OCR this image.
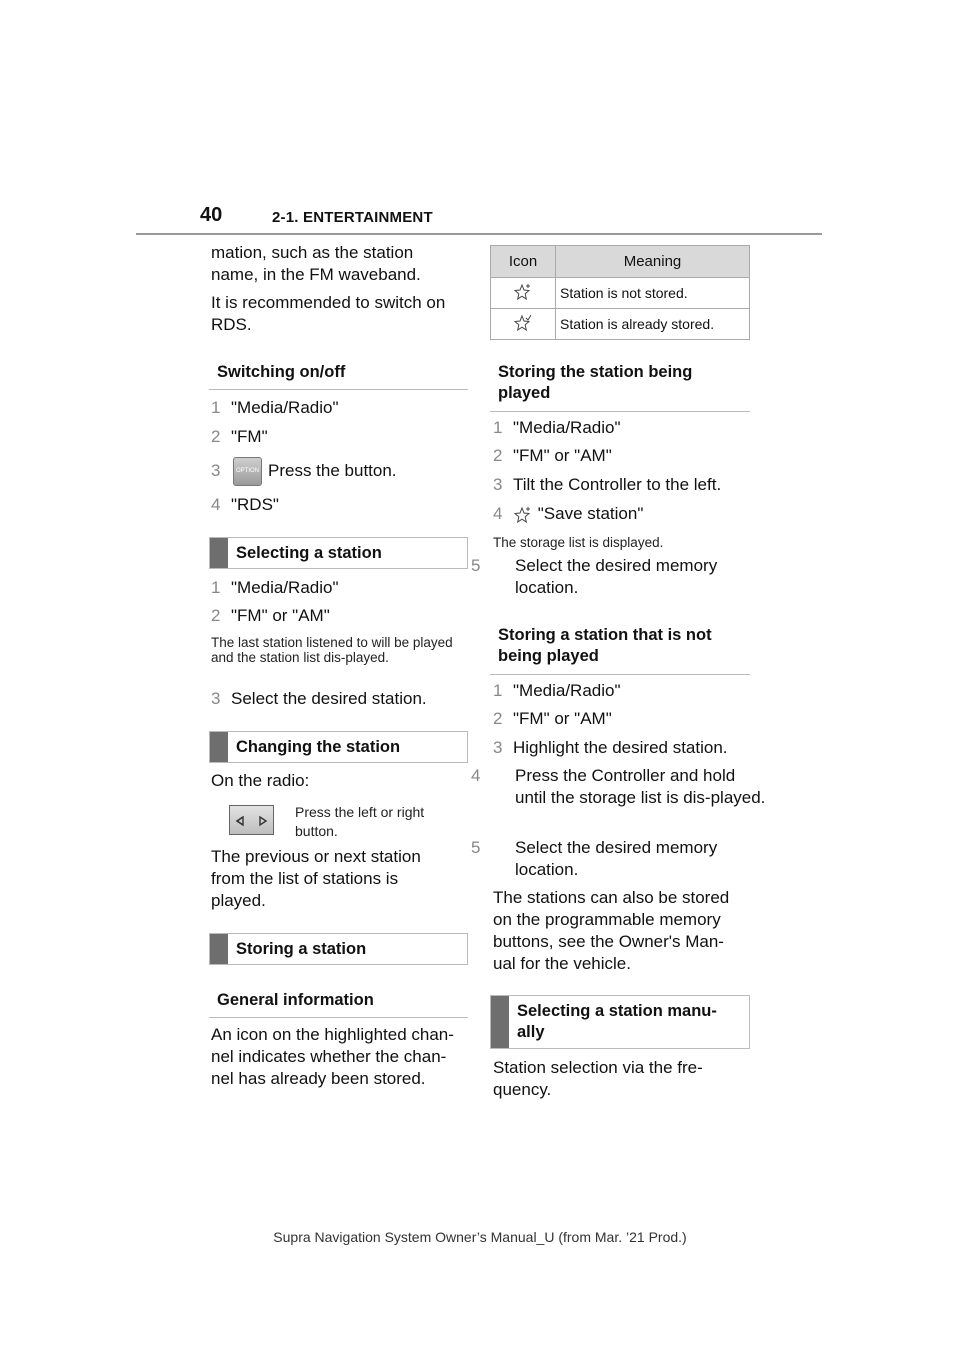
40	2-1. ENTERTAINMENT
mation, such as the station name, in the FM waveband.
It is recommended to switch on RDS.
Switching on/off
1 "Media/Radio"
2 "FM"
3	OPTION Press the button.
4 "RDS"
Selecting a station
1 "Media/Radio"
2 "FM" or "AM"
The last station listened to will be played and the station list dis-played.
3 Select the desired station.
Changing the station
On the radio:
Press the left or right button.
The previous or next station from the list of stations is played.
Storing a station
General information
An icon on the highlighted chan-nel indicates whether the chan-nel has already been stored.
Icon	Meaning
	Station is not stored.
	Station is already stored.
Storing the station being played
1 "Media/Radio"
2 "FM" or "AM"
3 Tilt the Controller to the left.
4 "Save station"
The storage list is displayed.
5 Select the desired memory location.
Storing a station that is not being played
1 "Media/Radio"
2 "FM" or "AM"
3 Highlight the desired station.
4 Press the Controller and hold until the storage list is dis-played.
5 Select the desired memory location.
The stations can also be stored on the programmable memory buttons, see the Owner's Man-ual for the vehicle.
Selecting a station manu-ally
Station selection via the fre-quency.
Supra Navigation System Owner’s Manual_U (from Mar. ’21 Prod.)
